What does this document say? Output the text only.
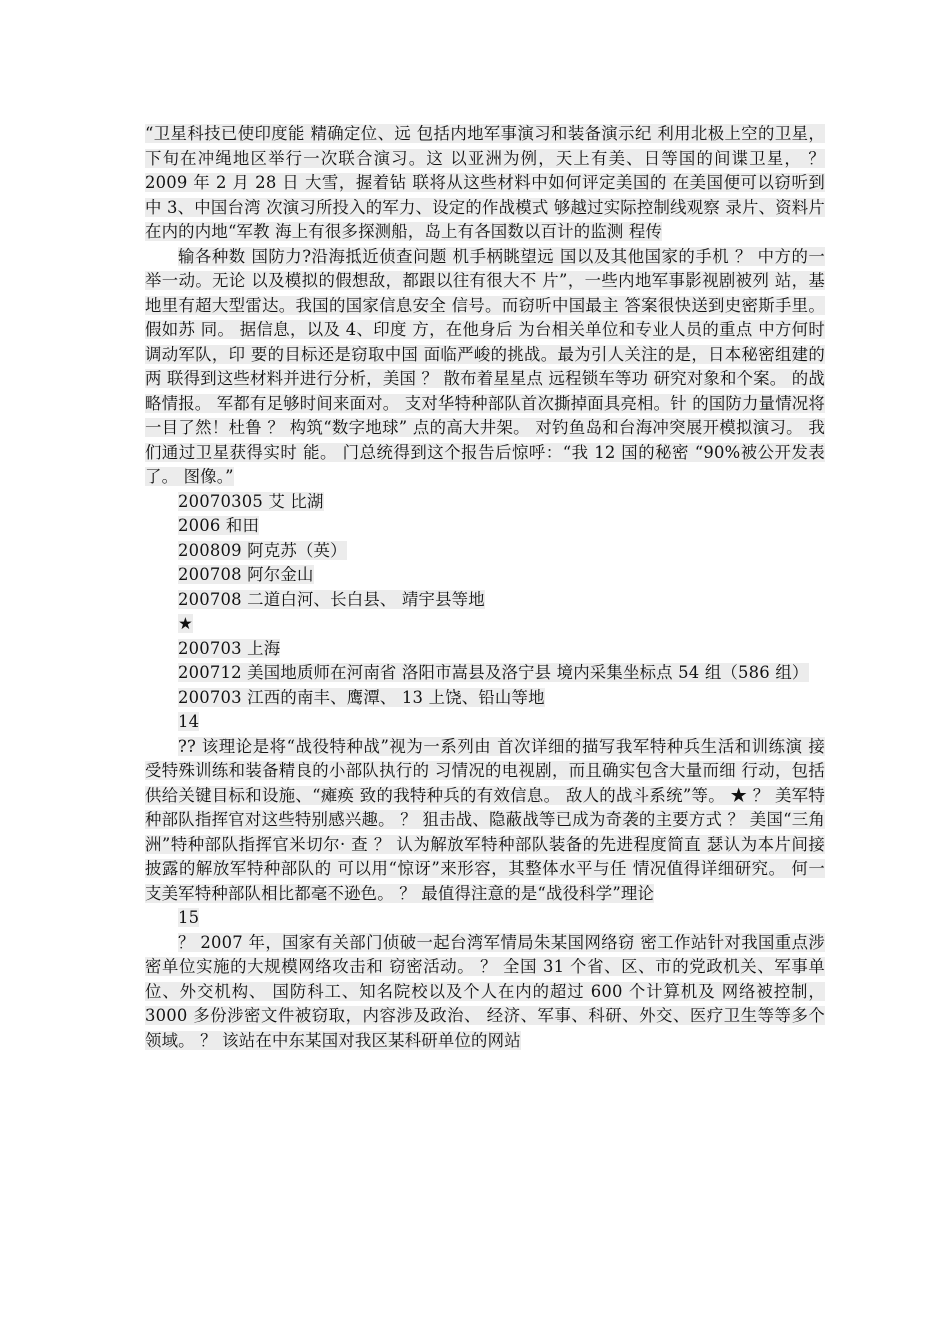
“卫星科技已使印度能 精确定位、远 包括内地军事演习和装备演示纪 利用北极上空的卫星， 下旬在冲绳地区举行一次联合演习。这 以亚洲为例，天上有美、日等国的间谍卫星， ？ 2009 年 2 月 28 日 大雪，握着钻 联将从这些材料中如何评定美国的 在美国便可以窃听到中 3、中国台湾 次演习所投入的军力、设定的作战模式 够越过实际控制线观察 录片、资料片在内的内地“军教 海上有很多探测船，岛上有各国数以百计的监测 程传

输各种数 国防力?沿海抵近侦查问题 机手柄眺望远 国以及其他国家的手机 ？ 中方的一举一动。无论 以及模拟的假想敌，都跟以往有很大不 片”，一些内地军事影视剧被列 站，基地里有超大型雷达。我国的国家信息安全 信号。而窃听中国最主 答案很快送到史密斯手里。假如苏 同。 据信息，以及 4、印度 方，在他身后 为台相关单位和专业人员的重点 中方何时调动军队，印 要的目标还是窃取中国 面临严峻的挑战。最为引人关注的是，日本秘密组建的两 联得到这些材料并进行分析，美国 ？ 散布着星星点 远程锁车等功 研究对象和个案。 的战略情报。 军都有足够时间来面对。 支对华特种部队首次撕掉面具亮相。针 的国防力量情况将一目了然！杜鲁 ？ 构筑“数字地球” 点的高大井架。 对钓鱼岛和台海冲突展开模拟演习。 我们通过卫星获得实时 能。 门总统得到这个报告后惊呼：“我 12 国的秘密 “90%被公开发表了。 图像。”

20070305 艾 比湖

2006 和田

200809 阿克苏（英）

200708 阿尔金山

200708 二道白河、长白县、 靖宇县等地

★

200703 上海

200712 美国地质师在河南省 洛阳市嵩县及洛宁县 境内采集坐标点 54 组（586 组）

200703 江西的南丰、鹰潭、 13 上饶、铅山等地

14

?? 该理论是将“战役特种战”视为一系列由 首次详细的描写我军特种兵生活和训练演 接受特殊训练和装备精良的小部队执行的 习情况的电视剧，而且确实包含大量而细 行动，包括供给关键目标和设施、“瘫痪 致的我特种兵的有效信息。 敌人的战斗系统”等。 ★ ？ 美军特种部队指挥官对这些特别感兴趣。 ？ 狙击战、隐蔽战等已成为奇袭的主要方式 ？ 美国“三角洲”特种部队指挥官米切尔· 查 ？ 认为解放军特种部队装备的先进程度简直 瑟认为本片间接披露的解放军特种部队的 可以用“惊讶”来形容，其整体水平与任 情况值得详细研究。 何一支美军特种部队相比都毫不逊色。 ？ 最值得注意的是“战役科学”理论

15

？ 2007 年，国家有关部门侦破一起台湾军情局朱某国网络窃 密工作站针对我国重点涉密单位实施的大规模网络攻击和 窃密活动。 ？ 全国 31 个省、区、市的党政机关、军事单位、外交机构、 国防科工、知名院校以及个人在内的超过 600 个计算机及 网络被控制，3000 多份涉密文件被窃取，内容涉及政治、 经济、军事、科研、外交、医疗卫生等等多个领域。 ？ 该站在中东某国对我区某科研单位的网站
